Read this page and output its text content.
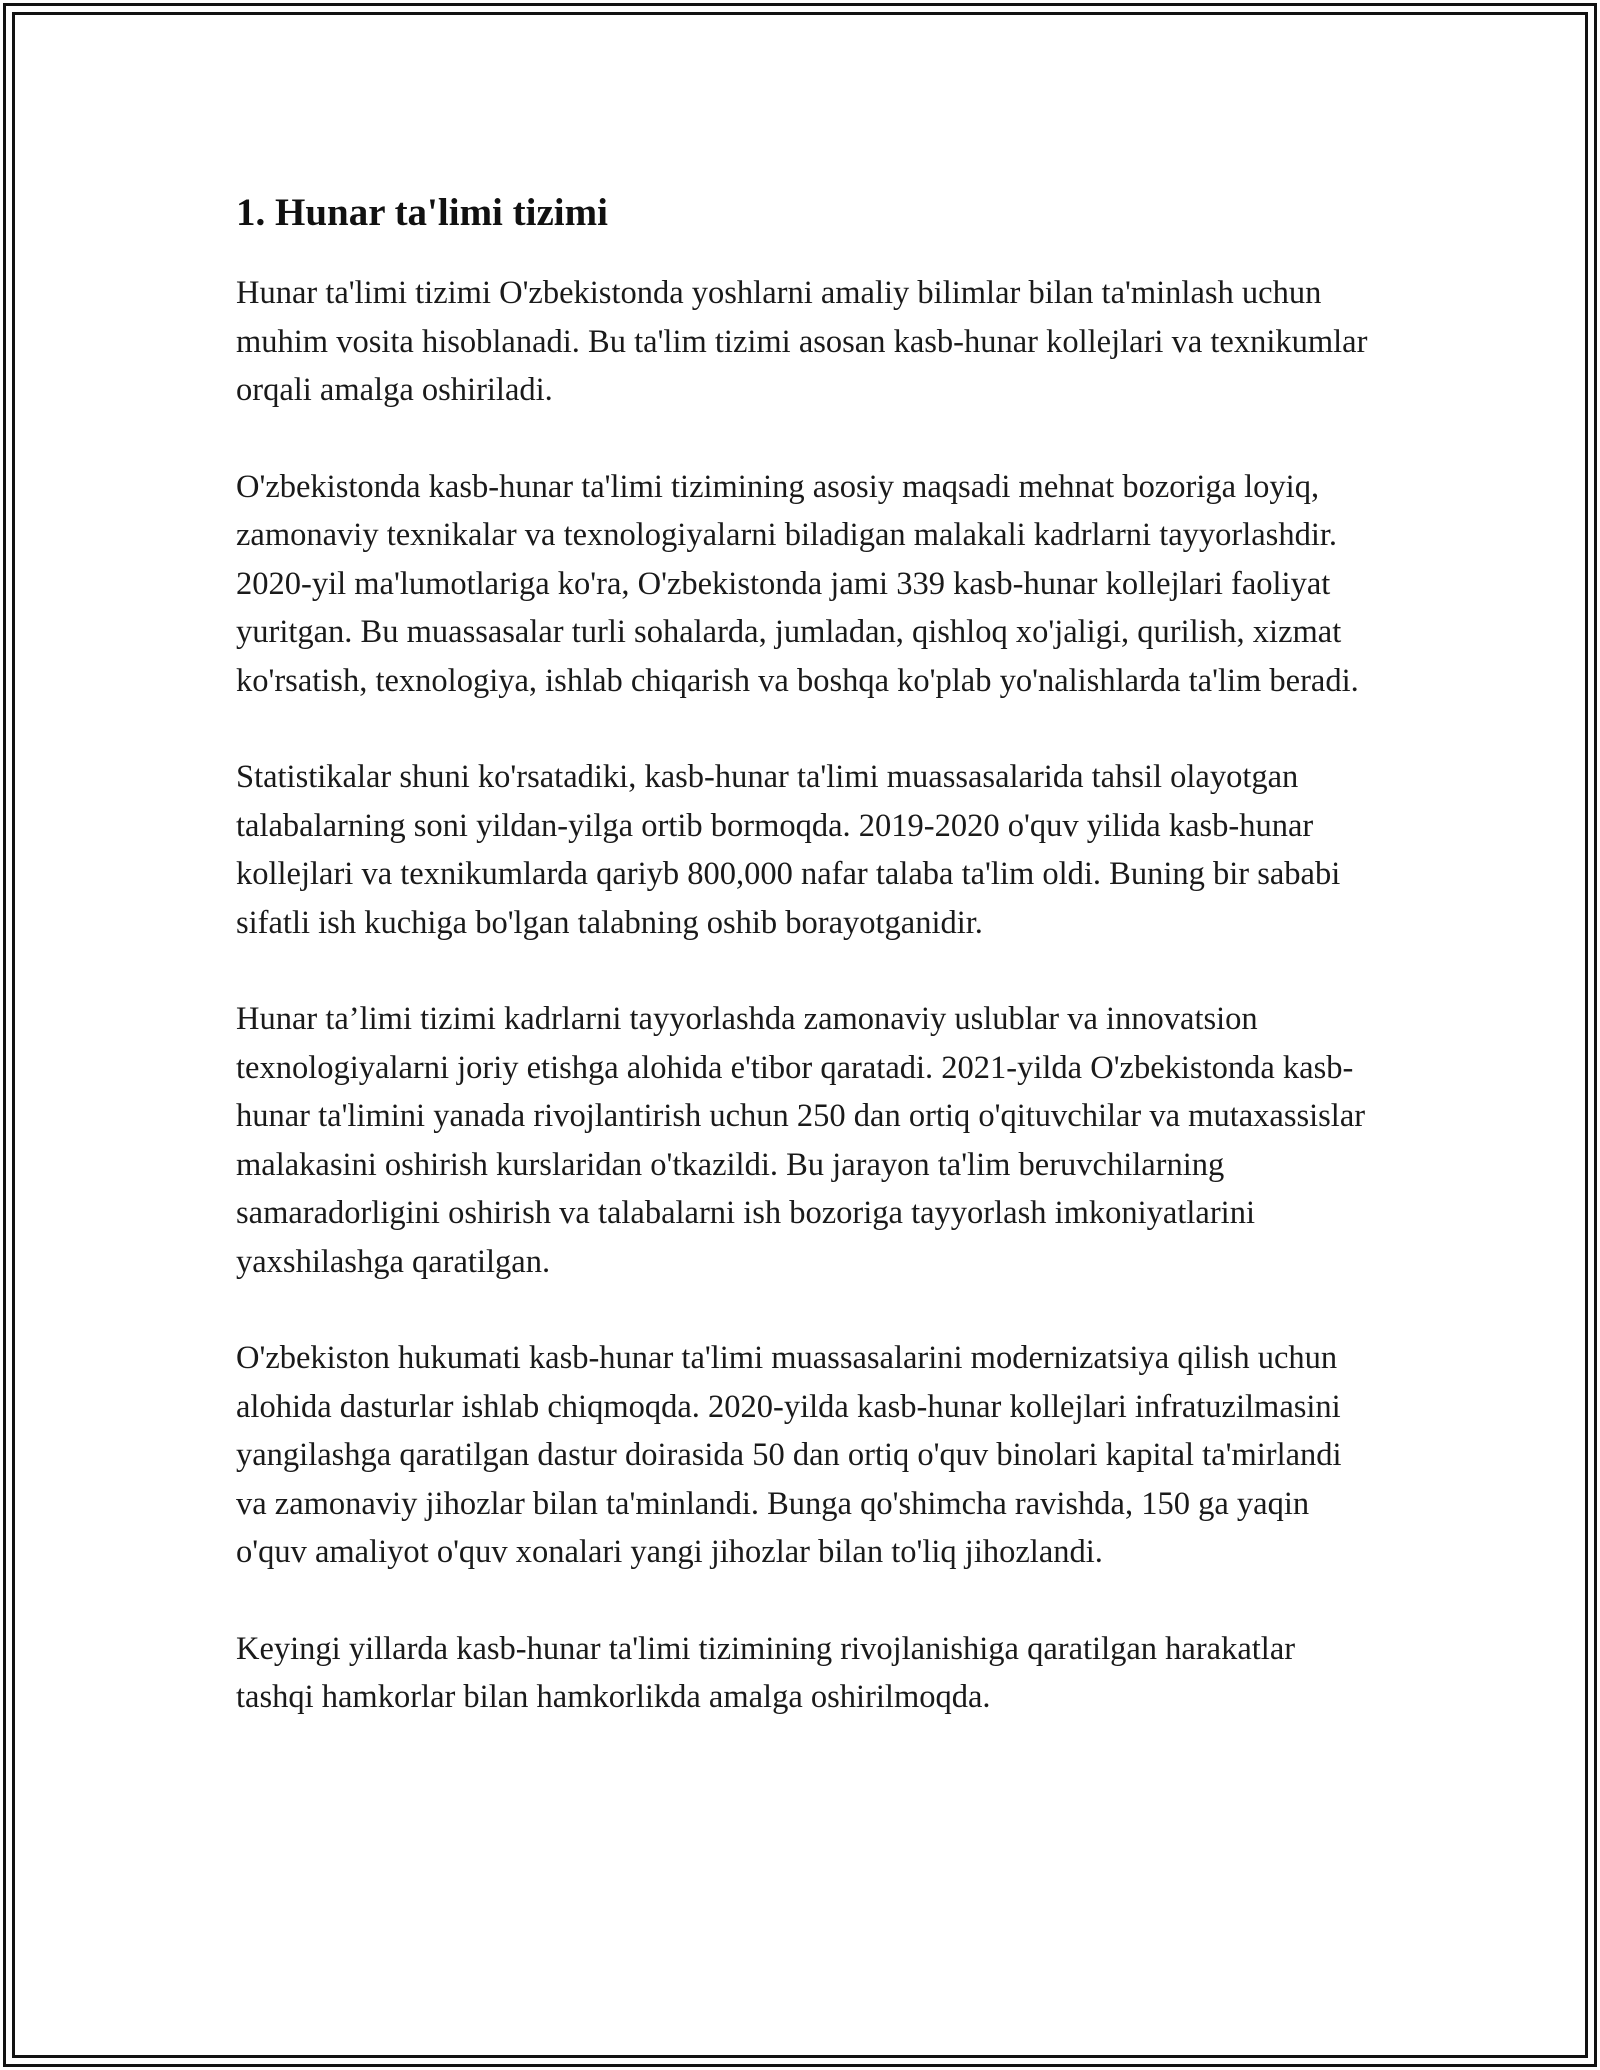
1. Hunar ta'limi tizimi

Hunar ta'limi tizimi O'zbekistonda yoshlarni amaliy bilimlar bilan ta'minlash uchun muhim vosita hisoblanadi. Bu ta'lim tizimi asosan kasb-hunar kollejlari va texnikumlar orqali amalga oshiriladi.

O'zbekistonda kasb-hunar ta'limi tizimining asosiy maqsadi mehnat bozoriga loyiq, zamonaviy texnikalar va texnologiyalarni biladigan malakali kadrlarni tayyorlashdir. 2020-yil ma'lumotlariga ko'ra, O'zbekistonda jami 339 kasb-hunar kollejlari faoliyat yuritgan. Bu muassasalar turli sohalarda, jumladan, qishloq xo'jaligi, qurilish, xizmat ko'rsatish, texnologiya, ishlab chiqarish va boshqa ko'plab yo'nalishlarda ta'lim beradi.

Statistikalar shuni ko'rsatadiki, kasb-hunar ta'limi muassasalarida tahsil olayotgan talabalarning soni yildan-yilga ortib bormoqda. 2019-2020 o'quv yilida kasb-hunar kollejlari va texnikumlarda qariyb 800,000 nafar talaba ta'lim oldi. Buning bir sababi sifatli ish kuchiga bo'lgan talabning oshib borayotganidir.

Hunar ta’limi tizimi kadrlarni tayyorlashda zamonaviy uslublar va innovatsion texnologiyalarni joriy etishga alohida e'tibor qaratadi. 2021-yilda O'zbekistonda kasb-hunar ta'limini yanada rivojlantirish uchun 250 dan ortiq o'qituvchilar va mutaxassislar malakasini oshirish kurslaridan o'tkazildi. Bu jarayon ta'lim beruvchilarning samaradorligini oshirish va talabalarni ish bozoriga tayyorlash imkoniyatlarini yaxshilashga qaratilgan.

O'zbekiston hukumati kasb-hunar ta'limi muassasalarini modernizatsiya qilish uchun alohida dasturlar ishlab chiqmoqda. 2020-yilda kasb-hunar kollejlari infratuzilmasini yangilashga qaratilgan dastur doirasida 50 dan ortiq o'quv binolari kapital ta'mirlandi va zamonaviy jihozlar bilan ta'minlandi. Bunga qo'shimcha ravishda, 150 ga yaqin o'quv amaliyot o'quv xonalari yangi jihozlar bilan to'liq jihozlandi.

Keyingi yillarda kasb-hunar ta'limi tizimining rivojlanishiga qaratilgan harakatlar tashqi hamkorlar bilan hamkorlikda amalga oshirilmoqda.
